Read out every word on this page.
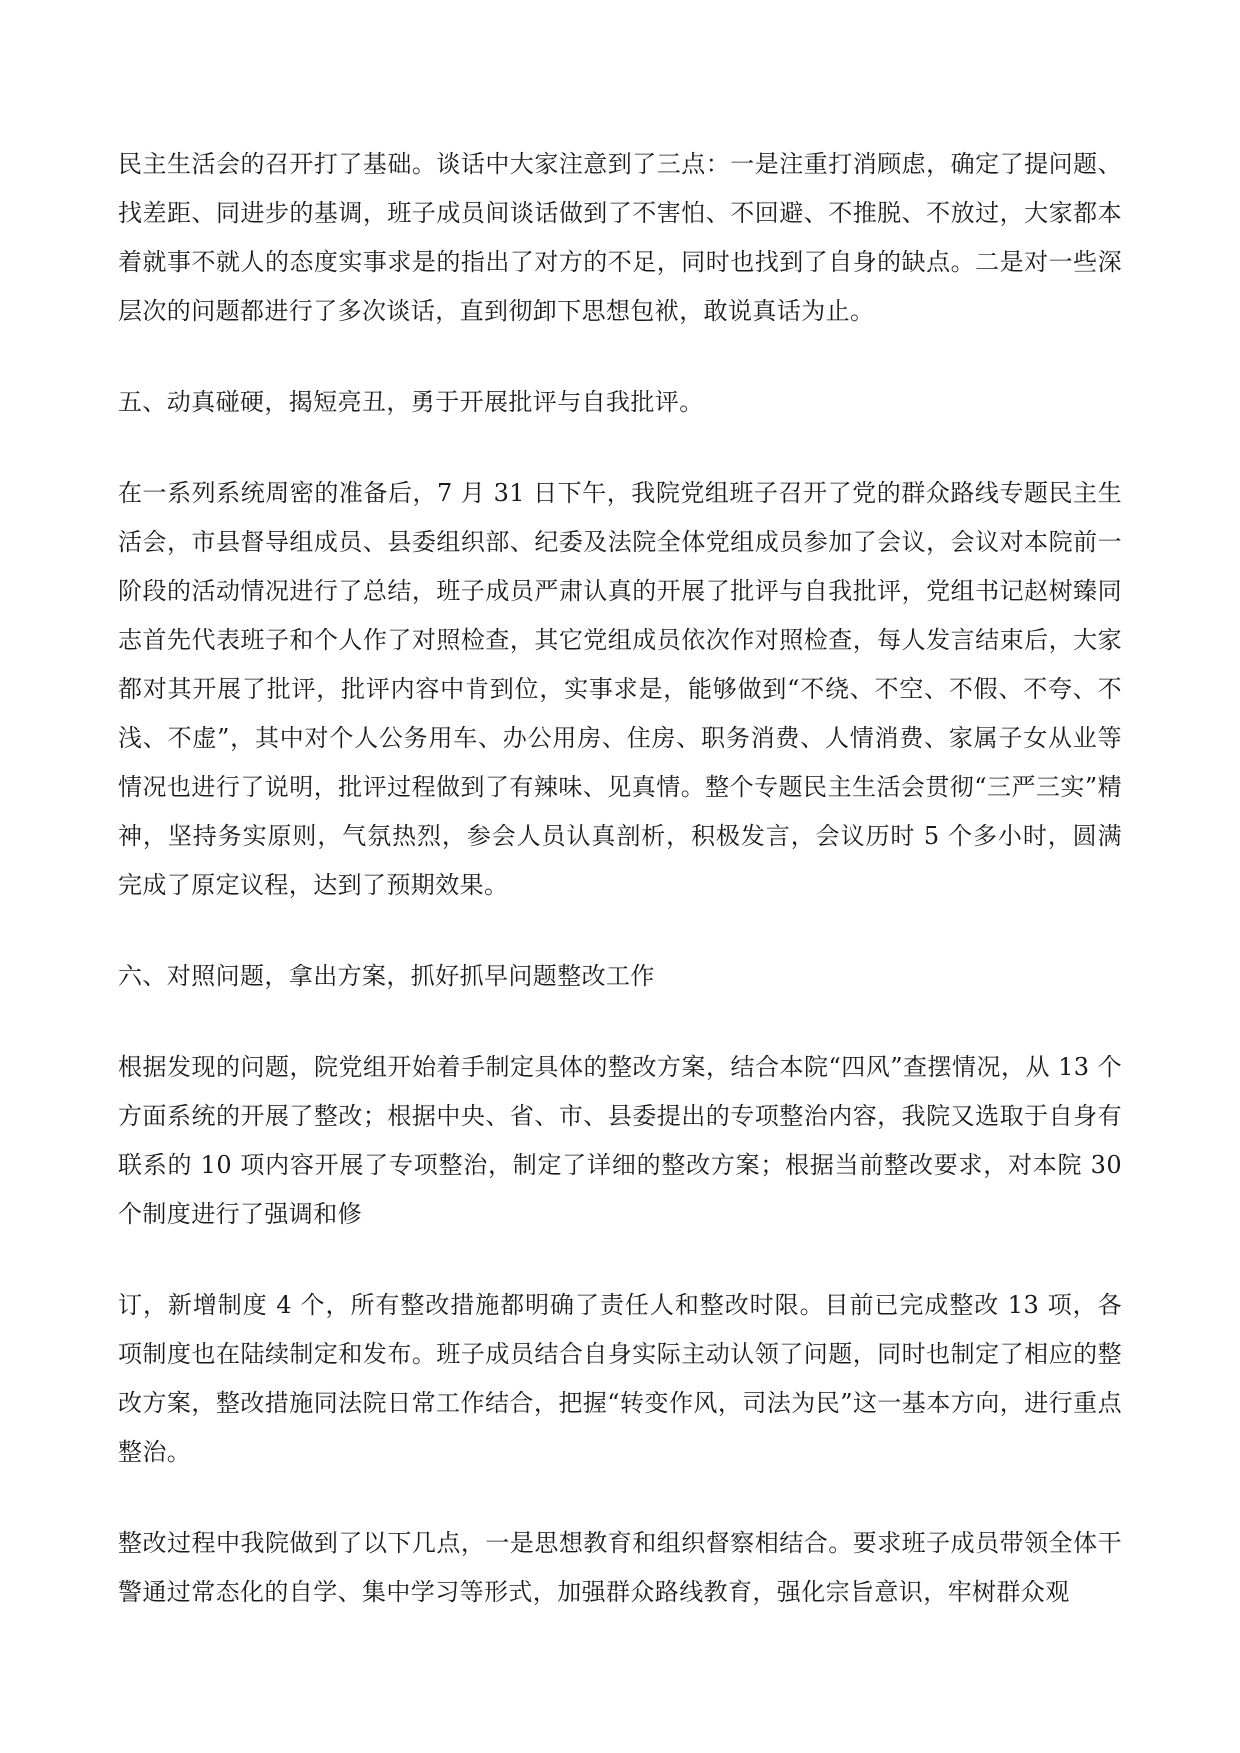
民主生活会的召开打了基础。谈话中大家注意到了三点：一是注重打消顾虑，确定了提问题、找差距、同进步的基调，班子成员间谈话做到了不害怕、不回避、不推脱、不放过，大家都本着就事不就人的态度实事求是的指出了对方的不足，同时也找到了自身的缺点。二是对一些深层次的问题都进行了多次谈话，直到彻卸下思想包袱，敢说真话为止。

五、动真碰硬，揭短亮丑，勇于开展批评与自我批评。

在一系列系统周密的准备后，7 月 31 日下午，我院党组班子召开了党的群众路线专题民主生活会，市县督导组成员、县委组织部、纪委及法院全体党组成员参加了会议，会议对本院前一阶段的活动情况进行了总结，班子成员严肃认真的开展了批评与自我批评，党组书记赵树臻同志首先代表班子和个人作了对照检查，其它党组成员依次作对照检查，每人发言结束后，大家都对其开展了批评，批评内容中肯到位，实事求是，能够做到“不绕、不空、不假、不夸、不浅、不虚”，其中对个人公务用车、办公用房、住房、职务消费、人情消费、家属子女从业等情况也进行了说明，批评过程做到了有辣味、见真情。整个专题民主生活会贯彻“三严三实”精神，坚持务实原则，气氛热烈，参会人员认真剖析，积极发言，会议历时 5 个多小时，圆满完成了原定议程，达到了预期效果。

六、对照问题，拿出方案，抓好抓早问题整改工作

根据发现的问题，院党组开始着手制定具体的整改方案，结合本院“四风”查摆情况，从 13 个方面系统的开展了整改；根据中央、省、市、县委提出的专项整治内容，我院又选取于自身有联系的 10 项内容开展了专项整治，制定了详细的整改方案；根据当前整改要求，对本院 30 个制度进行了强调和修

订，新增制度 4 个，所有整改措施都明确了责任人和整改时限。目前已完成整改 13 项，各项制度也在陆续制定和发布。班子成员结合自身实际主动认领了问题，同时也制定了相应的整改方案，整改措施同法院日常工作结合，把握“转变作风，司法为民”这一基本方向，进行重点整治。

整改过程中我院做到了以下几点，一是思想教育和组织督察相结合。要求班子成员带领全体干警通过常态化的自学、集中学习等形式，加强群众路线教育，强化宗旨意识，牢树群众观
